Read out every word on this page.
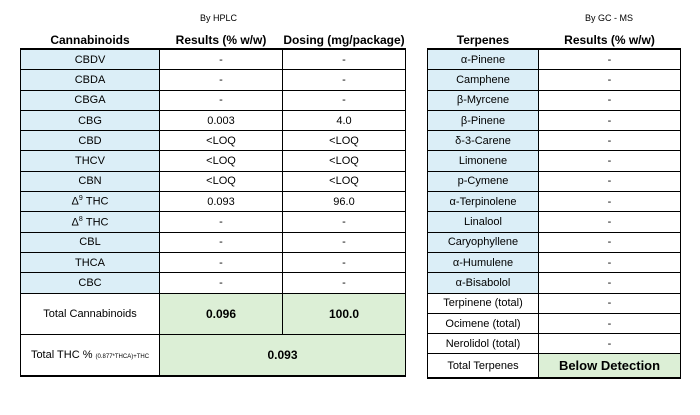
By HPLC	By GC - MS
Cannabinoids	Results (% w/w)	Dosing (mg/package)
CBDV	-	-
CBDA	-	-
CBGA	-	-
CBG	0.003	4.0
CBD	<LOQ	<LOQ
THCV	<LOQ	<LOQ
CBN	<LOQ	<LOQ
$\Delta^9$ THC	0.093	96.0
$\Delta^8$ THC	-	-
CBL	-	-
THCA	-	-
CBC	-	-
Total Cannabinoids	0.096	100.0
Total THC % (0.877*THCA)+THC	0.093	
Terpenes	Results (% w/w)
α-Pinene	-
Camphene	-
β-Myrcene	-
β-Pinene	-
δ-3-Carene	-
Limonene	-
p-Cymene	-
α-Terpinolene	-
Linalool	-
Caryophyllene	-
α-Humulene	-
α-Bisabolol	-
Terpinene (total)	-
Ocimene (total)	-
Nerolidol (total)	-
Total Terpenes	Below Detection
